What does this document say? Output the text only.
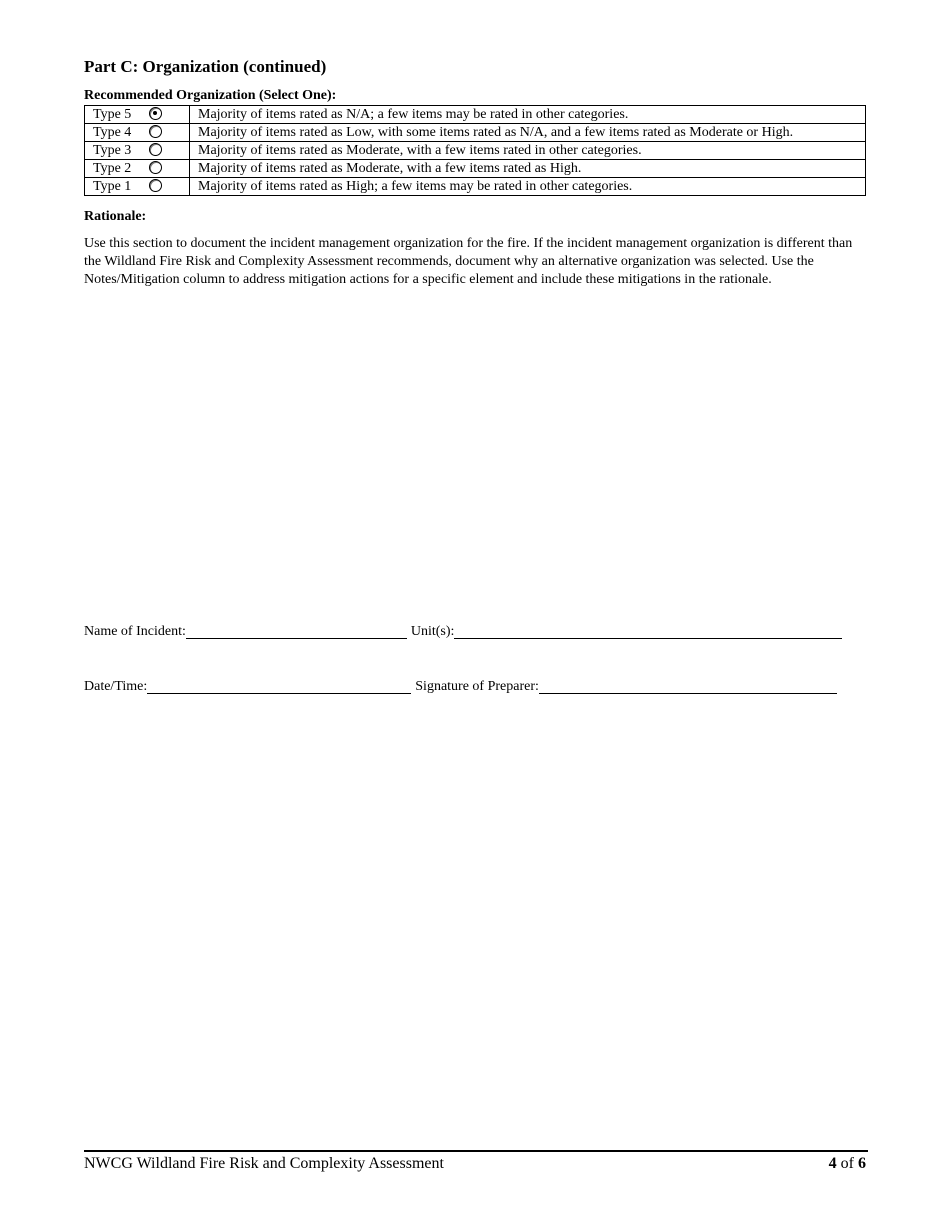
Part C: Organization (continued)
Recommended Organization (Select One):
Type 5	Majority of items rated as N/A; a few items may be rated in other categories.
Type 4	Majority of items rated as Low, with some items rated as N/A, and a few items rated as Moderate or High.
Type 3	Majority of items rated as Moderate, with a few items rated in other categories.
Type 2	Majority of items rated as Moderate, with a few items rated as High.
Type 1	Majority of items rated as High; a few items may be rated in other categories.
Rationale:
Use this section to document the incident management organization for the fire. If the incident management organization is different than the Wildland Fire Risk and Complexity Assessment recommends, document why an alternative organization was selected. Use the Notes/Mitigation column to address mitigation actions for a specific element and include these mitigations in the rationale.
Name of Incident:	Unit(s):
Date/Time:	Signature of Preparer:
NWCG Wildland Fire Risk and Complexity Assessment	4 of 6
